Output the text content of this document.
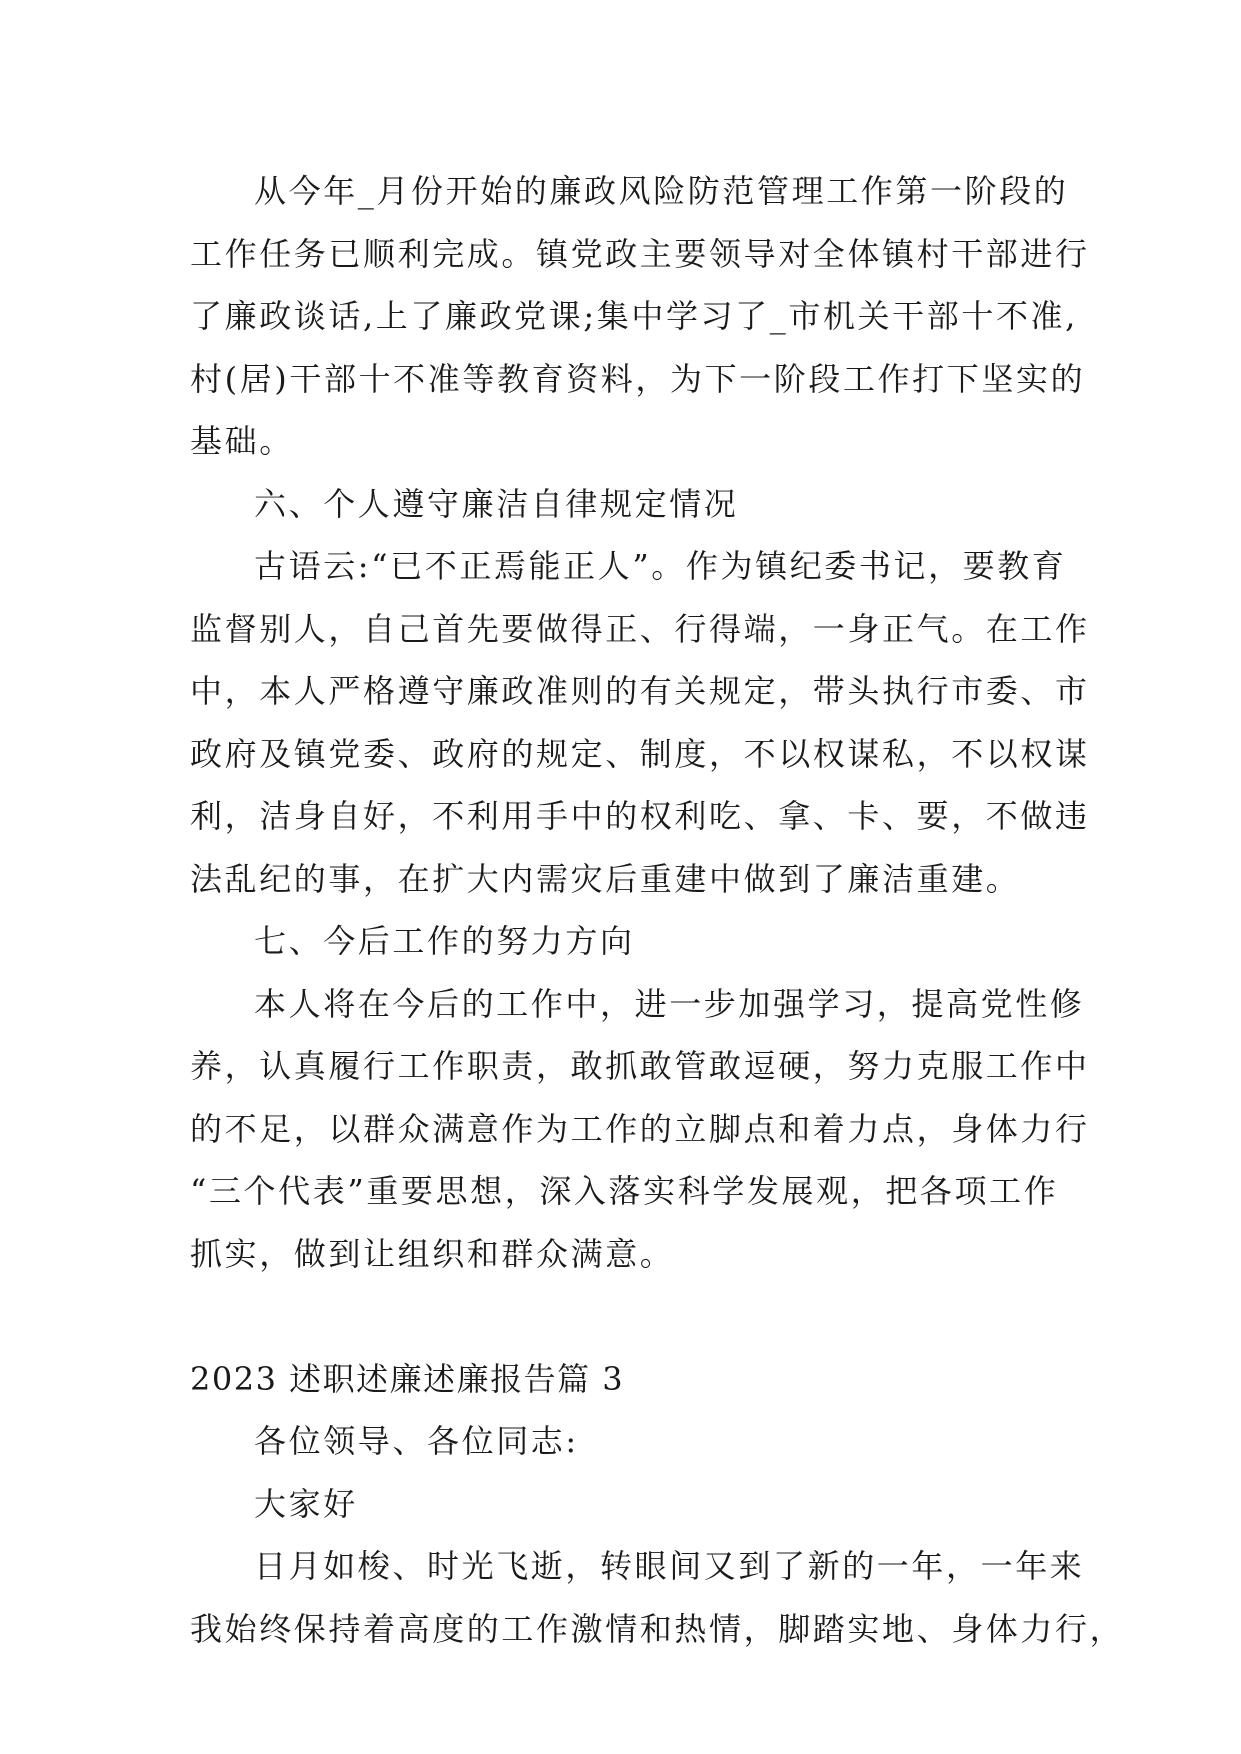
从今年_月份开始的廉政风险防范管理工作第一阶段的
工作任务已顺利完成。镇党政主要领导对全体镇村干部进行
了廉政谈话,上了廉政党课;集中学习了_市机关干部十不准,
村(居)干部十不准等教育资料，为下一阶段工作打下坚实的
基础。
六、个人遵守廉洁自律规定情况
古语云:“已不正焉能正人”。作为镇纪委书记，要教育
监督别人，自己首先要做得正、行得端，一身正气。在工作
中，本人严格遵守廉政准则的有关规定，带头执行市委、市
政府及镇党委、政府的规定、制度，不以权谋私，不以权谋
利，洁身自好，不利用手中的权利吃、拿、卡、要，不做违
法乱纪的事，在扩大内需灾后重建中做到了廉洁重建。
七、今后工作的努力方向
本人将在今后的工作中，进一步加强学习，提高党性修
养，认真履行工作职责，敢抓敢管敢逗硬，努力克服工作中
的不足，以群众满意作为工作的立脚点和着力点，身体力行
“三个代表”重要思想，深入落实科学发展观，把各项工作
抓实，做到让组织和群众满意。
2023 述职述廉述廉报告篇 3
各位领导、各位同志:
大家好
日月如梭、时光飞逝，转眼间又到了新的一年，一年来
我始终保持着高度的工作激情和热情，脚踏实地、身体力行，
